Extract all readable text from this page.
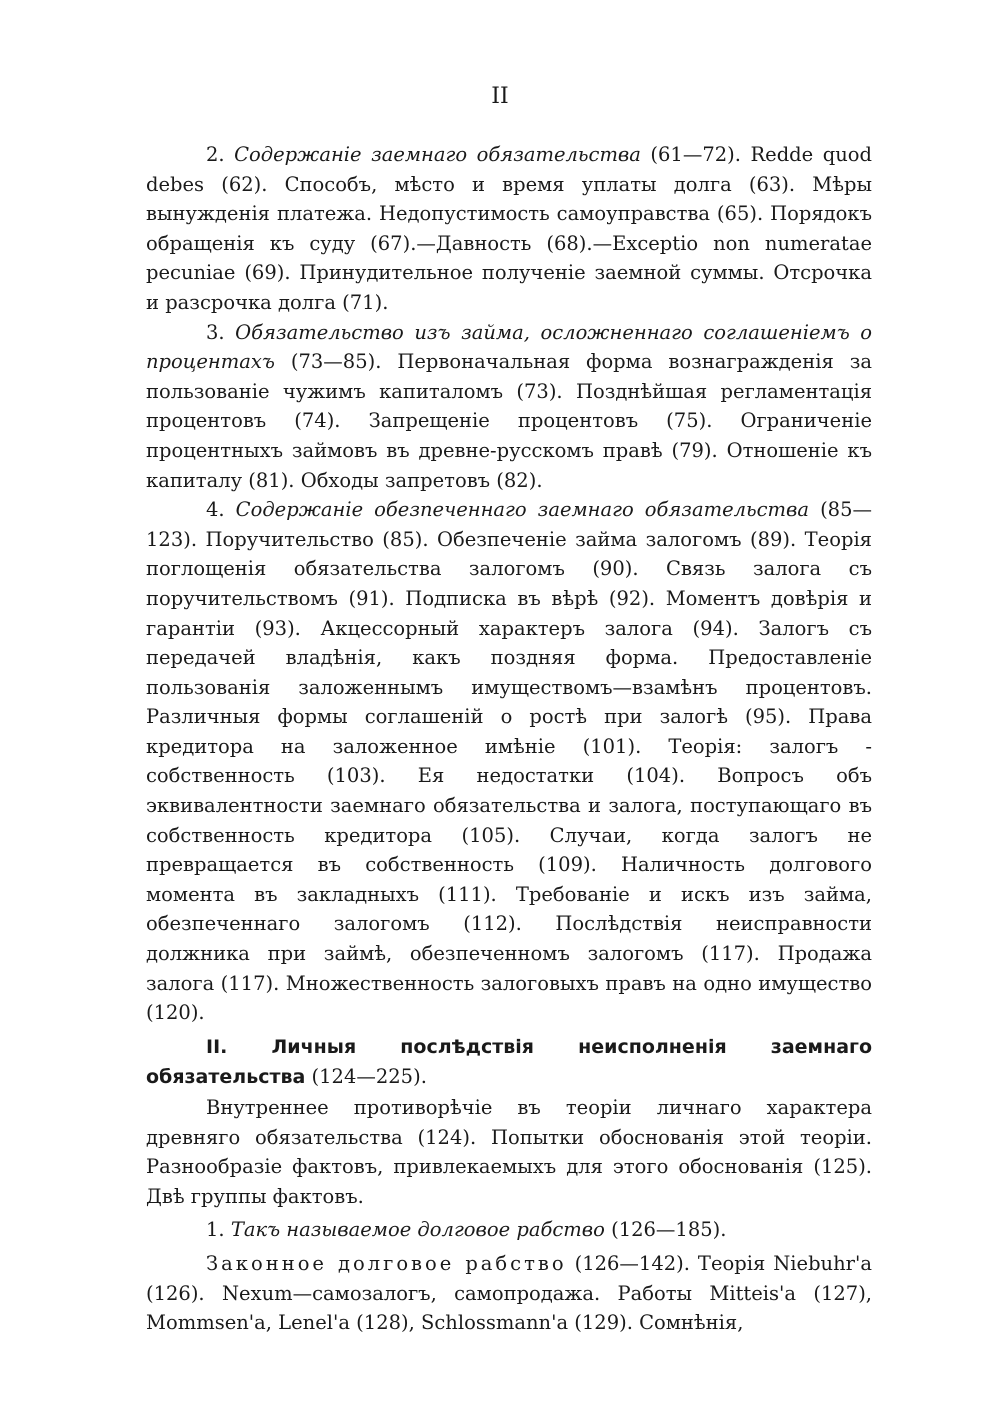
II

2. Содержаніе заемнаго обязательства (61—72). Redde quod debes (62). Способъ, мѣсто и время уплаты долга (63). Мѣры вынужденія платежа. Недопустимость самоуправства (65). Порядокъ обращенія къ суду (67).—Давность (68).—Exceptio non numeratae pecuniae (69). Принудительное полученіе заемной суммы. Отсрочка и разсрочка долга (71).

3. Обязательство изъ займа, осложненнаго соглашеніемъ о процентахъ (73—85). Первоначальная форма вознагражденія за пользованіе чужимъ капиталомъ (73). Позднѣйшая регламентація процентовъ (74). Запрещеніе процентовъ (75). Ограниченіе процентныхъ займовъ въ древне-русскомъ правѣ (79). Отношеніе къ капиталу (81). Обходы запретовъ (82).

4. Содержаніе обезпеченнаго заемнаго обязательства (85—123). Поручительство (85). Обезпеченіе займа залогомъ (89). Теорія поглощенія обязательства залогомъ (90). Связь залога съ поручительствомъ (91). Подписка въ вѣрѣ (92). Моментъ довѣрія и гарантіи (93). Акцессорный характеръ залога (94). Залогъ съ передачей владѣнія, какъ поздняя форма. Предоставленіе пользованія заложеннымъ имуществомъ—взамѣнъ процентовъ. Различныя формы соглашеній о ростѣ при залогѣ (95). Права кредитора на заложенное имѣніе (101). Теорія: залогъ - собственность (103). Ея недостатки (104). Вопросъ объ эквивалентности заемнаго обязательства и залога, поступающаго въ собственность кредитора (105). Случаи, когда залогъ не превращается въ собственность (109). Наличность долгового момента въ закладныхъ (111). Требованіе и искъ изъ займа, обезпеченнаго залогомъ (112). Послѣдствія неисправности должника при займѣ, обезпеченномъ залогомъ (117). Продажа залога (117). Множественность залоговыхъ правъ на одно имущество (120).

II. Личныя послѣдствія неисполненія заемнаго обязательства (124—225).

Внутреннее противорѣчіе въ теоріи личнаго характера древняго обязательства (124). Попытки обоснованія этой теоріи. Разнообразіе фактовъ, привлекаемыхъ для этого обоснованія (125). Двѣ группы фактовъ.

1. Такъ называемое долговое рабство (126—185).

Законное долговое рабство (126—142). Теорія Niebuhr'a (126). Nexum—самозалогъ, самопродажа. Работы Mitteis'a (127), Mommsen'a, Lenel'a (128), Schlossmann'a (129). Сомнѣнія,
